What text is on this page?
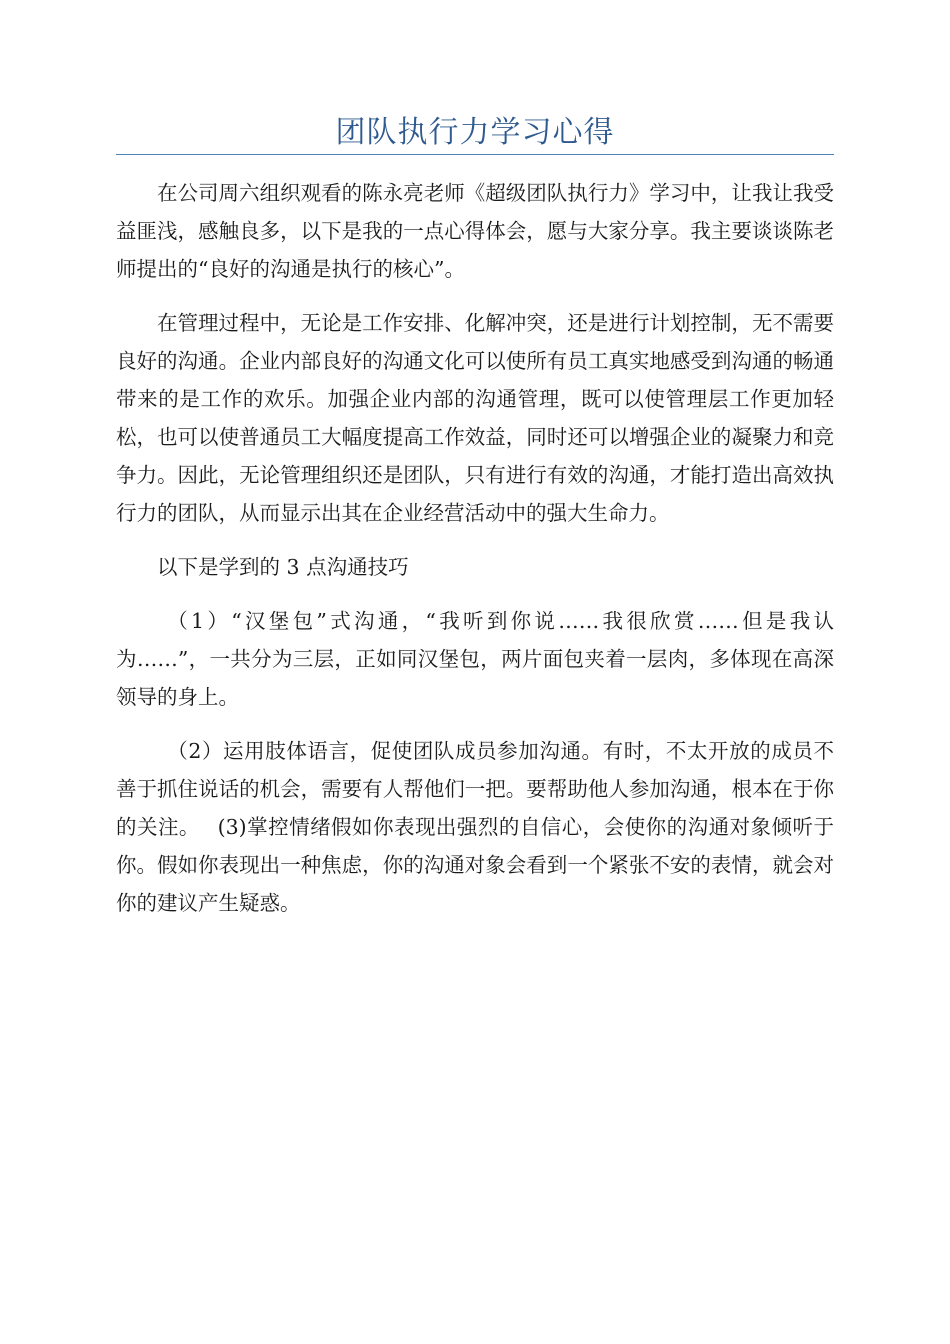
团队执行力学习心得

在公司周六组织观看的陈永亮老师《超级团队执行力》学习中，让我让我受益匪浅，感触良多，以下是我的一点心得体会，愿与大家分享。我主要谈谈陈老师提出的“良好的沟通是执行的核心”。

在管理过程中，无论是工作安排、化解冲突，还是进行计划控制，无不需要良好的沟通。企业内部良好的沟通文化可以使所有员工真实地感受到沟通的畅通带来的是工作的欢乐。加强企业内部的沟通管理，既可以使管理层工作更加轻松，也可以使普通员工大幅度提高工作效益，同时还可以增强企业的凝聚力和竞争力。因此，无论管理组织还是团队，只有进行有效的沟通，才能打造出高效执行力的团队，从而显示出其在企业经营活动中的强大生命力。

以下是学到的 3 点沟通技巧

（1）“汉堡包”式沟通，“我听到你说……我很欣赏……但是我认为……”，一共分为三层，正如同汉堡包，两片面包夹着一层肉，多体现在高深领导的身上。

（2）运用肢体语言，促使团队成员参加沟通。有时，不太开放的成员不善于抓住说话的机会，需要有人帮他们一把。要帮助他人参加沟通，根本在于你的关注。　 (3)掌控情绪假如你表现出强烈的自信心，会使你的沟通对象倾听于你。假如你表现出一种焦虑，你的沟通对象会看到一个紧张不安的表情，就会对你的建议产生疑惑。
